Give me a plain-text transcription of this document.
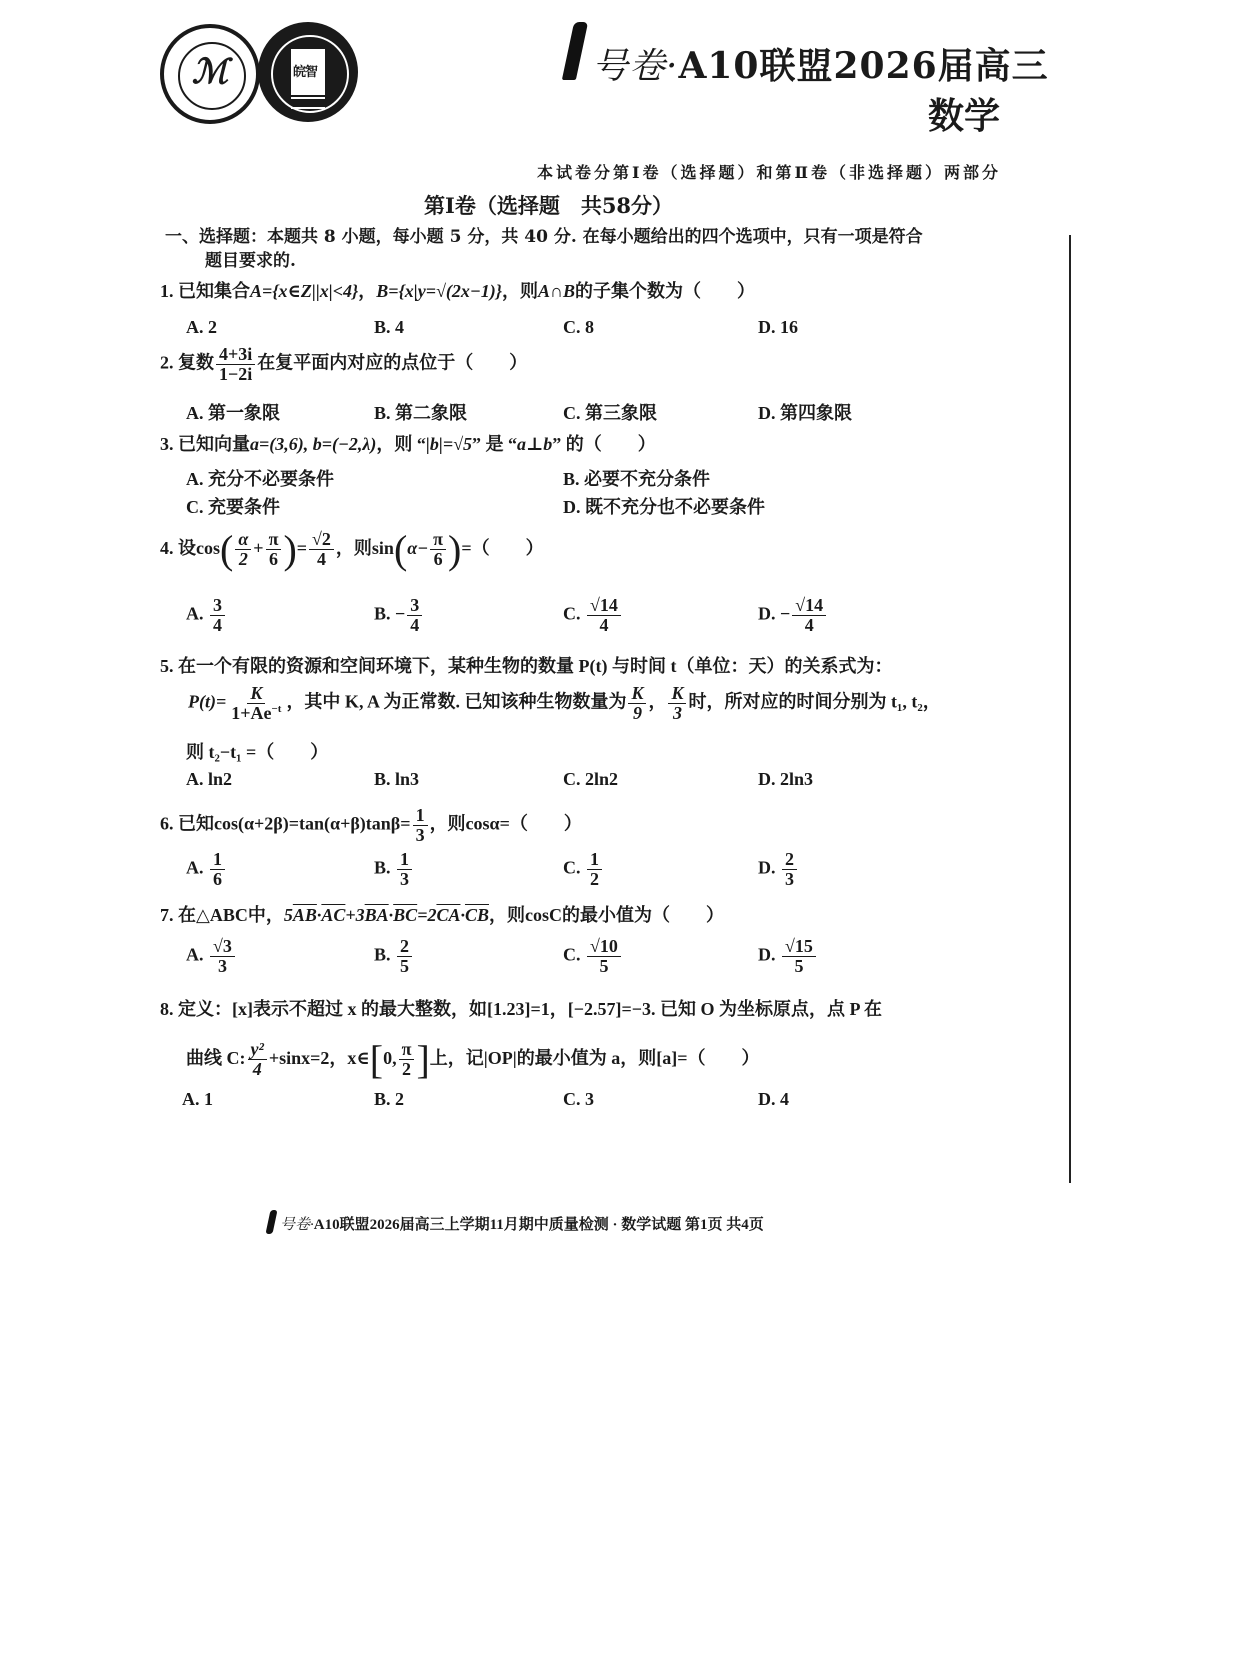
ℳ	皖智	号卷·A10联盟2026届高三
数学
本试卷分第Ⅰ卷（选择题）和第Ⅱ卷（非选择题）两部分
第Ⅰ卷（选择题　共58分）
一、选择题：本题共 8 小题，每小题 5 分，共 40 分. 在每小题给出的四个选项中，只有一项是符合
题目要求的.
1. 已知集合A={x∈Z||x|<4}，B={x|y=√(2x−1)}，则A∩B的子集个数为（　　）
A. 2	B. 4	C. 8	D. 16
2. 复数 $\frac{4+3i}{1-2i}$ 在复平面内对应的点位于（　　）
A. 第一象限	B. 第二象限	C. 第三象限	D. 第四象限
3. 已知向量a=(3,6), b=(−2,λ)，则 “|b|=√5” 是 “a⊥b” 的（　　）
A. 充分不必要条件	B. 必要不充分条件
C. 充要条件	D. 既不充分也不必要条件
4. 设$\cos( \frac{\alpha}{2} + \frac{\pi}{6}$ )= $\frac{√2}{4}$ ，则$\sin(\alpha- \frac{\pi}{6}$ )=（　　）
A. $\frac{3}{4}$	B. − $\frac{3}{4}$	C. $\frac{√14}{4}$	D. − $\frac{√14}{4}$
5. 在一个有限的资源和空间环境下，某种生物的数量 P(t) 与时间 t（单位：天）的关系式为：
$P(t)= \frac{K}{1+Ae^{-t}}$ ，其中 K, A 为正常数. 已知该种生物数量为 $\frac{K}{9}$ ， $\frac{K}{3}$ 时，所对应的时间分别为 t₁, t₂，
则 t₂−t₁ =（　　）
A. ln2	B. ln3	C. 2ln2	D. 2ln3
6. 已知$\cos(\alpha+2\beta)=\tan(\alpha+\beta)\tan\beta= \frac{1}{3}$ ，则cosα=（　　）
A. $\frac{1}{6}$	B. $\frac{1}{3}$	C. $\frac{1}{2}$	D. $\frac{2}{3}$
7. 在△ABC中，$5\overline{AB}\cdot\overline{AC}+3\overline{BA}\cdot\overline{BC}=2\overline{CA}\cdot\overline{CB}$，则cosC的最小值为（　　）
A. $\frac{√3}{3}$	B. $\frac{2}{5}$	C. $\frac{√10}{5}$	D. $\frac{√15}{5}$
8. 定义：[x]表示不超过 x 的最大整数，如[1.23]=1，[−2.57]=−3. 已知 O 为坐标原点，点 P 在
曲线 C: $\frac{\text{y²}}{4} +\sin x=2$，x∈[0, $\frac{\pi}{2}$ ]上，记|OP|的最小值为 a，则[a]=（　　）
A. 1	B. 2	C. 3	D. 4
号卷·A10联盟2026届高三上学期11月期中质量检测 · 数学试题 第1页 共4页
